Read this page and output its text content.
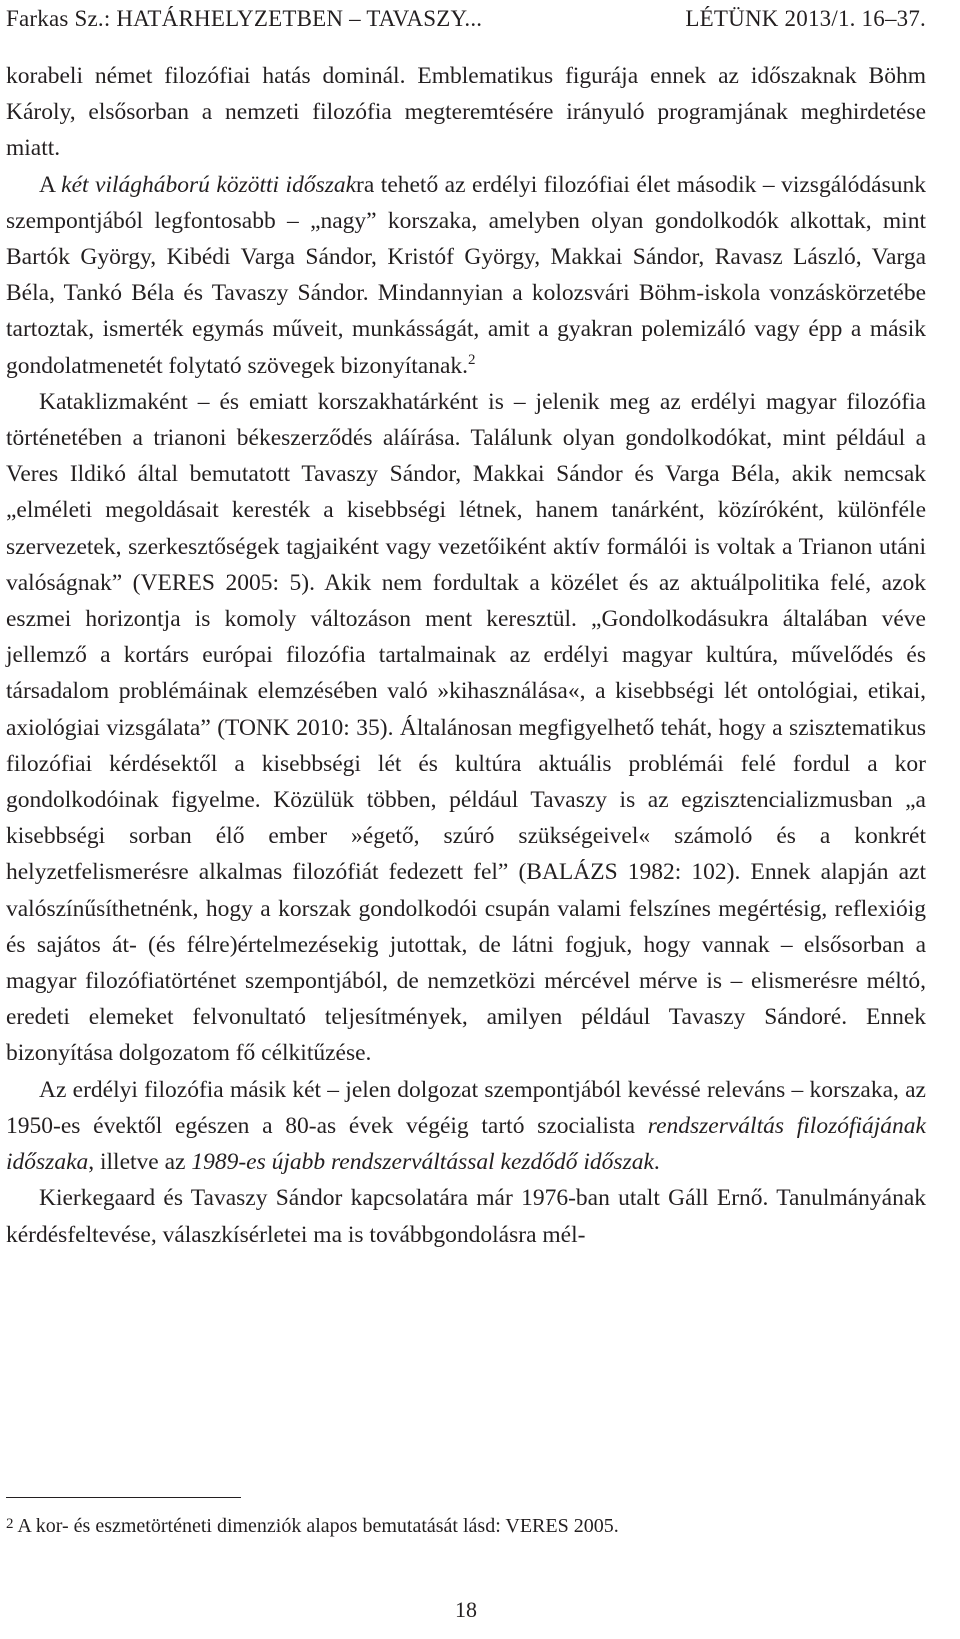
Farkas Sz.: HATÁRHELYZETBEN – TAVASZY...	LÉTÜNK 2013/1. 16–37.

korabeli német filozófiai hatás dominál. Emblematikus figurája ennek az időszaknak Böhm Károly, elsősorban a nemzeti filozófia megteremtésére irányuló programjának meghirdetése miatt.

A két világháború közötti időszakra tehető az erdélyi filozófiai élet második – vizsgálódásunk szempontjából legfontosabb – „nagy” korszaka, amelyben olyan gondolkodók alkottak, mint Bartók György, Kibédi Varga Sándor, Kristóf György, Makkai Sándor, Ravasz László, Varga Béla, Tankó Béla és Tavaszy Sándor. Mindannyian a kolozsvári Böhm-iskola vonzáskörzetébe tartoztak, ismerték egymás műveit, munkásságát, amit a gyakran polemizáló vagy épp a másik gondolatmenetét folytató szövegek bizonyítanak.$^2$

Kataklizmaként – és emiatt korszakhatárként is – jelenik meg az erdélyi magyar filozófia történetében a trianoni békeszerződés aláírása. Találunk olyan gondolkodókat, mint például a Veres Ildikó által bemutatott Tavaszy Sándor, Makkai Sándor és Varga Béla, akik nemcsak „elméleti megoldásait keresték a kisebbségi létnek, hanem tanárként, közíróként, különféle szervezetek, szerkesztőségek tagjaiként vagy vezetőiként aktív formálói is voltak a Trianon utáni valóságnak” (VERES 2005: 5). Akik nem fordultak a közélet és az aktuálpolitika felé, azok eszmei horizontja is komoly változáson ment keresztül. „Gondolkodásukra általában véve jellemző a kortárs európai filozófia tartalmainak az erdélyi magyar kultúra, művelődés és társadalom problémáinak elemzésében való »kihasználása«, a kisebbségi lét ontológiai, etikai, axiológiai vizsgálata” (TONK 2010: 35). Általánosan megfigyelhető tehát, hogy a szisztematikus filozófiai kérdésektől a kisebbségi lét és kultúra aktuális problémái felé fordul a kor gondolkodóinak figyelme. Közülük többen, például Tavaszy is az egzisztencializmusban „a kisebbségi sorban élő ember »égető, szúró szükségeivel« számoló és a konkrét helyzetfelismerésre alkalmas filozófiát fedezett fel” (BALÁZS 1982: 102). Ennek alapján azt valószínűsíthetnénk, hogy a korszak gondolkodói csupán valami felszínes megértésig, reflexióig és sajátos át- (és félre)értelmezésekig jutottak, de látni fogjuk, hogy vannak – elsősorban a magyar filozófiatörténet szempontjából, de nemzetközi mércével mérve is – elismerésre méltó, eredeti elemeket felvonultató teljesítmények, amilyen például Tavaszy Sándoré. Ennek bizonyítása dolgozatom fő célkitűzése.

Az erdélyi filozófia másik két – jelen dolgozat szempontjából kevéssé releváns – korszaka, az 1950-es évektől egészen a 80-as évek végéig tartó szocialista rendszerváltás filozófiájának időszaka, illetve az 1989-es újabb rendszerváltással kezdődő időszak.

Kierkegaard és Tavaszy Sándor kapcsolatára már 1976-ban utalt Gáll Ernő. Tanulmányának kérdésfeltevése, válaszkísérletei ma is továbbgondolásra mél-

$^2$ A kor- és eszmetörténeti dimenziók alapos bemutatását lásd: VERES 2005.
18
